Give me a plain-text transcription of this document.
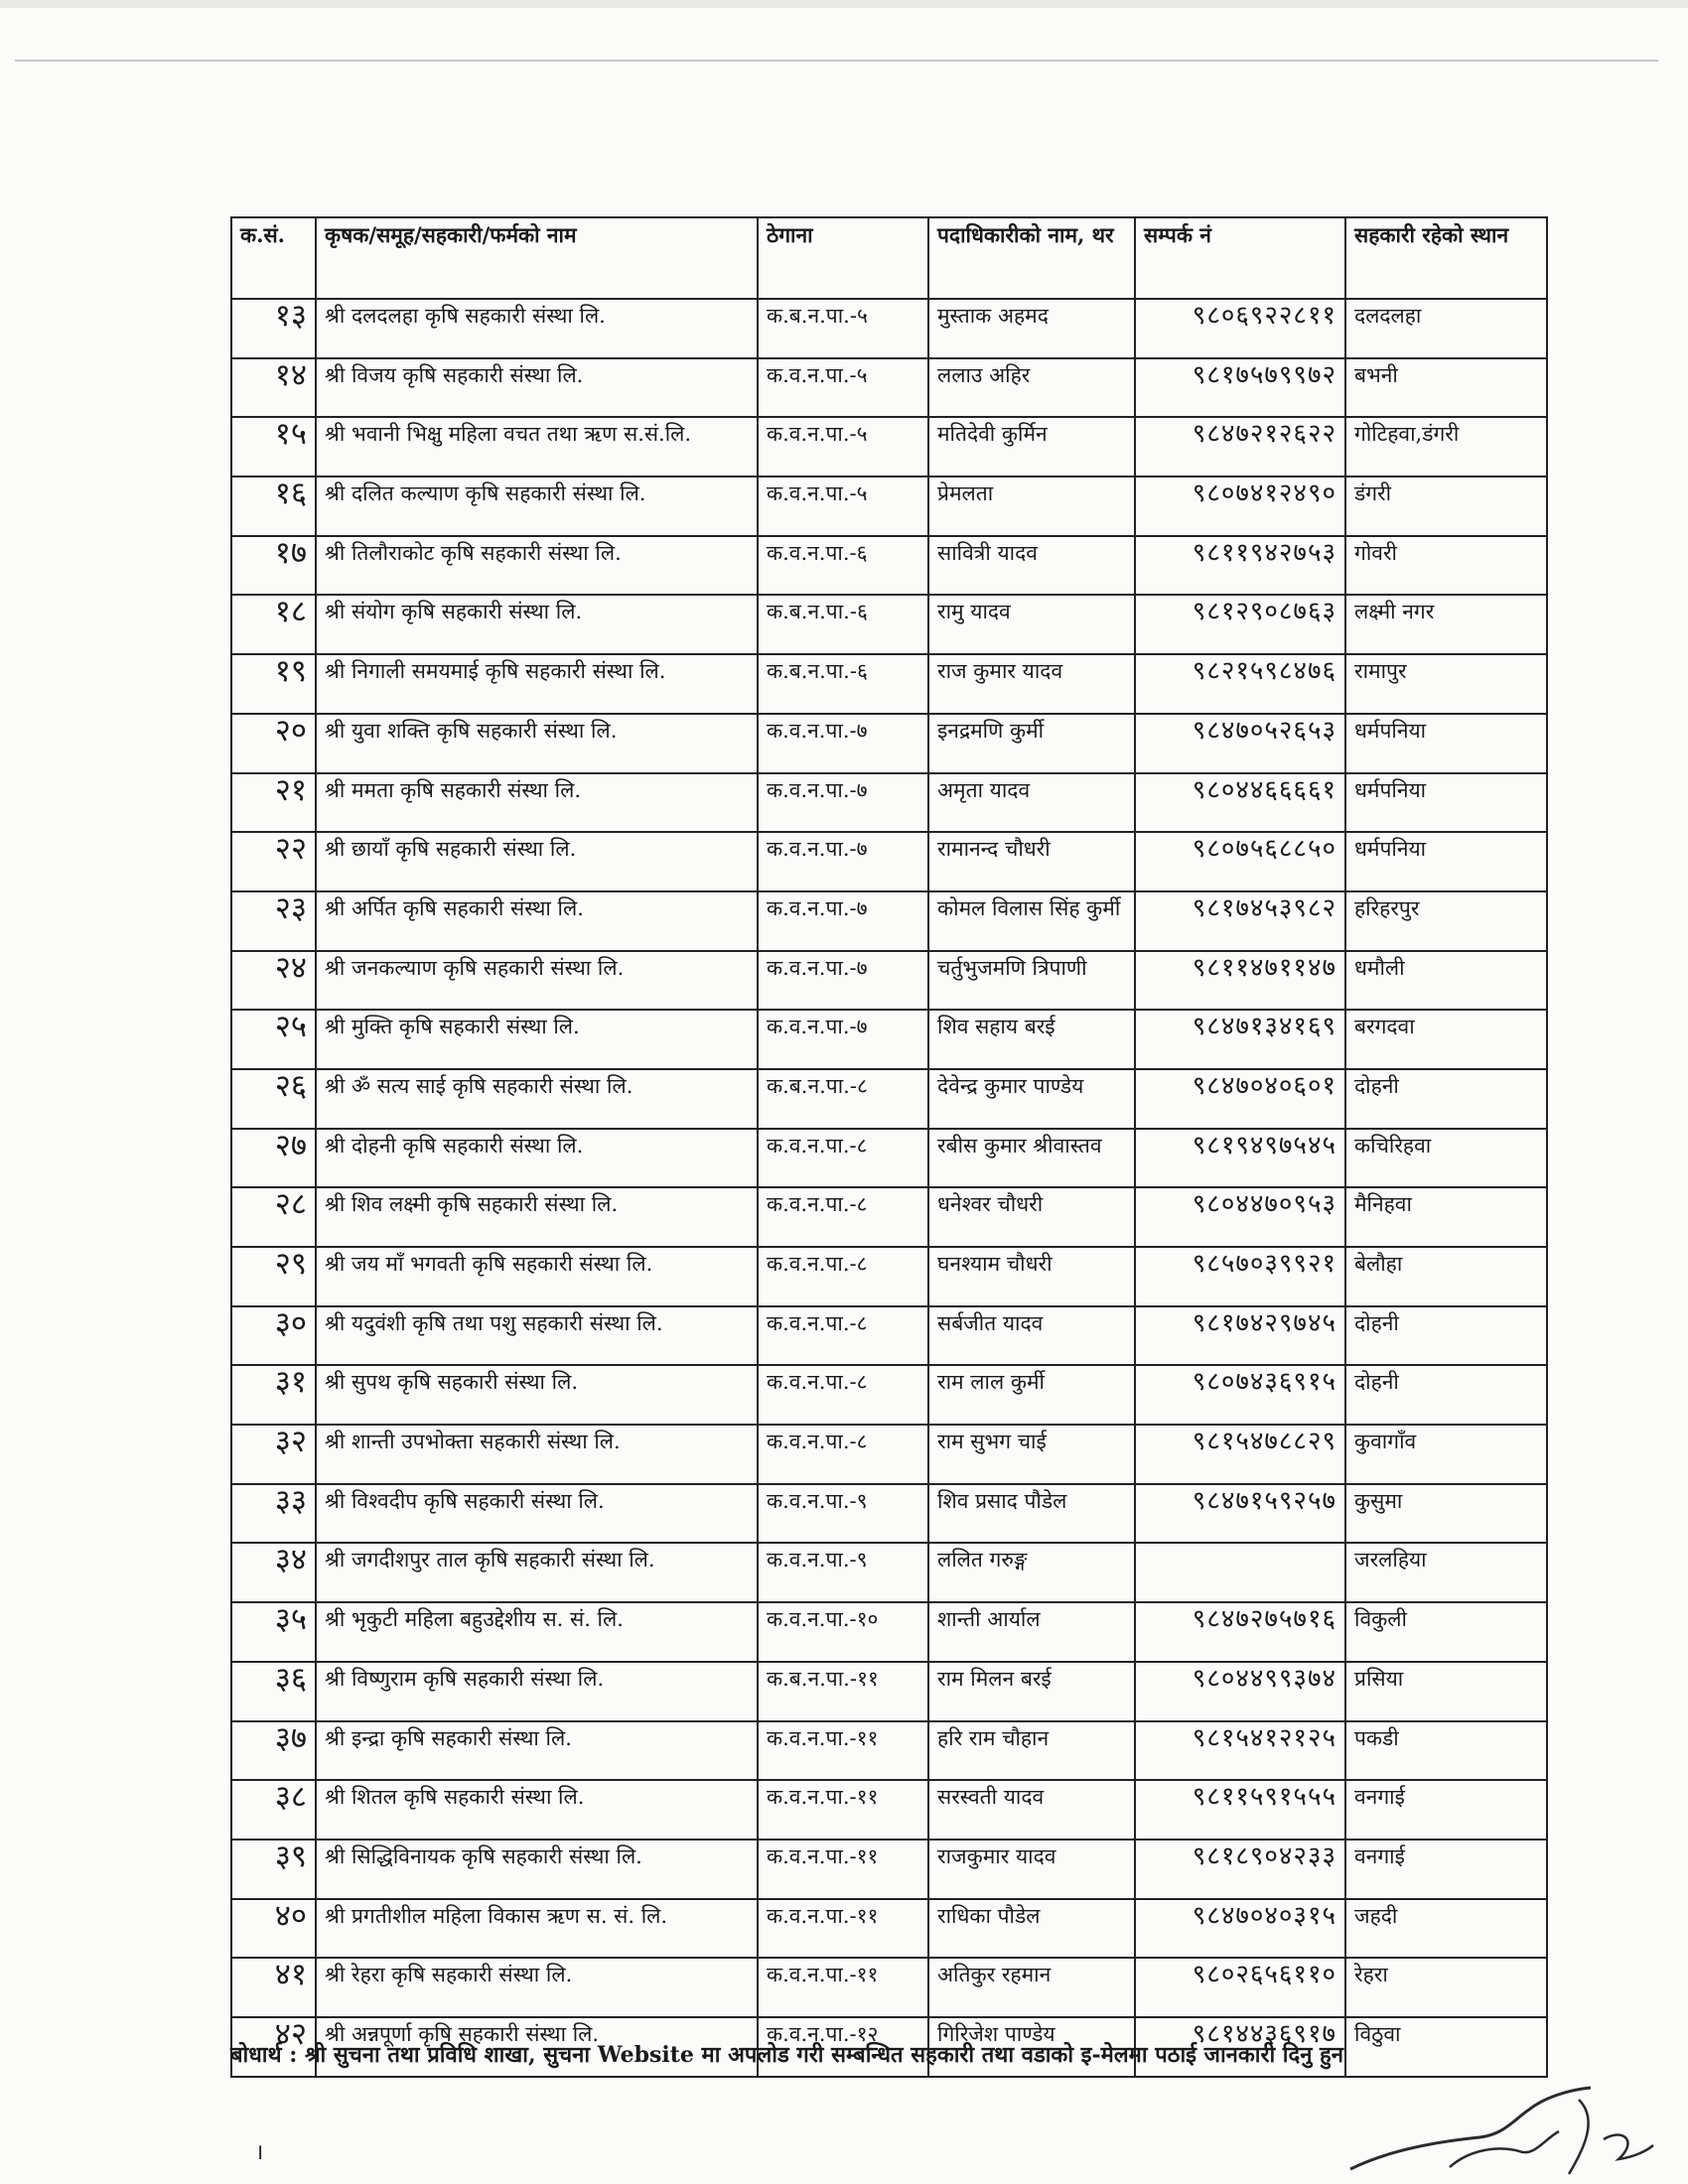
क.सं.	कृषक/समूह/सहकारी/फर्मको नाम	ठेगाना	पदाधिकारीको नाम, थर	सम्पर्क नं	सहकारी रहेको स्थान
१३	श्री दलदलहा कृषि सहकारी संस्था लि.	क.ब.न.पा.-५	मुस्ताक अहमद	९८०६९२२८११	दलदलहा
१४	श्री विजय कृषि सहकारी संस्था लि.	क.व.न.पा.-५	ललाउ अहिर	९८१७५७९९७२	बभनी
१५	श्री भवानी भिक्षु महिला वचत तथा ऋण स.सं.लि.	क.व.न.पा.-५	मतिदेवी कुर्मिन	९८४७२१२६२२	गोटिहवा,डंगरी
१६	श्री दलित कल्याण कृषि सहकारी संस्था लि.	क.व.न.पा.-५	प्रेमलता	९८०७४१२४९०	डंगरी
१७	श्री तिलौराकोट कृषि सहकारी संस्था लि.	क.व.न.पा.-६	सावित्री यादव	९८११९४२७५३	गोवरी
१८	श्री संयोग कृषि सहकारी संस्था लि.	क.ब.न.पा.-६	रामु यादव	९८१२९०८७६३	लक्ष्मी नगर
१९	श्री निगाली समयमाई कृषि सहकारी संस्था लि.	क.ब.न.पा.-६	राज कुमार यादव	९८२१५९८४७६	रामापुर
२०	श्री युवा शक्ति कृषि सहकारी संस्था लि.	क.व.न.पा.-७	इनद्रमणि कुर्मी	९८४७०५२६५३	धर्मपनिया
२१	श्री ममता कृषि सहकारी संस्था लि.	क.व.न.पा.-७	अमृता यादव	९८०४४६६६६१	धर्मपनिया
२२	श्री छायाँ कृषि सहकारी संस्था लि.	क.व.न.पा.-७	रामानन्द चौधरी	९८०७५६८८५०	धर्मपनिया
२३	श्री अर्पित कृषि सहकारी संस्था लि.	क.व.न.पा.-७	कोमल विलास सिंह कुर्मी	९८१७४५३९८२	हरिहरपुर
२४	श्री जनकल्याण कृषि सहकारी संस्था लि.	क.व.न.पा.-७	चर्तुभुजमणि त्रिपाणी	९८११४७११४७	धमौली
२५	श्री मुक्ति कृषि सहकारी संस्था लि.	क.व.न.पा.-७	शिव सहाय बरई	९८४७१३४१६९	बरगदवा
२६	श्री ॐ सत्य साई कृषि सहकारी संस्था लि.	क.ब.न.पा.-८	देवेन्द्र कुमार पाण्डेय	९८४७०४०६०१	दोहनी
२७	श्री दोहनी कृषि सहकारी संस्था लि.	क.व.न.पा.-८	रबीस कुमार श्रीवास्तव	९८१९४९७५४५	कचिरिहवा
२८	श्री शिव लक्ष्मी कृषि सहकारी संस्था लि.	क.व.न.पा.-८	धनेश्वर चौधरी	९८०४४७०९५३	मैनिहवा
२९	श्री जय माँ भगवती कृषि सहकारी संस्था लि.	क.व.न.पा.-८	घनश्याम चौधरी	९८५७०३९९२१	बेलौहा
३०	श्री यदुवंशी कृषि तथा पशु सहकारी संस्था लि.	क.व.न.पा.-८	सर्बजीत यादव	९८१७४२९७४५	दोहनी
३१	श्री सुपथ कृषि सहकारी संस्था लि.	क.व.न.पा.-८	राम लाल कुर्मी	९८०७४३६९१५	दोहनी
३२	श्री शान्ती उपभोक्ता सहकारी संस्था लि.	क.व.न.पा.-८	राम सुभग चाई	९८१५४७८८२९	कुवागाँव
३३	श्री विश्वदीप कृषि सहकारी संस्था लि.	क.व.न.पा.-९	शिव प्रसाद पौडेल	९८४७१५९२५७	कुसुमा
३४	श्री जगदीशपुर ताल कृषि सहकारी संस्था लि.	क.व.न.पा.-९	ललित गरुङ्ग		जरलहिया
३५	श्री भृकुटी महिला बहुउद्देशीय स. सं. लि.	क.व.न.पा.-१०	शान्ती आर्याल	९८४७२७५७१६	विकुली
३६	श्री विष्णुराम कृषि सहकारी संस्था लि.	क.ब.न.पा.-११	राम मिलन बरई	९८०४४९९३७४	प्रसिया
३७	श्री इन्द्रा कृषि सहकारी संस्था लि.	क.व.न.पा.-११	हरि राम चौहान	९८१५४१२१२५	पकडी
३८	श्री शितल कृषि सहकारी संस्था लि.	क.व.न.पा.-११	सरस्वती यादव	९८११५९१५५५	वनगाई
३९	श्री सिद्धिविनायक कृषि सहकारी संस्था लि.	क.व.न.पा.-११	राजकुमार यादव	९८१८९०४२३३	वनगाई
४०	श्री प्रगतीशील महिला विकास ऋण स. सं. लि.	क.व.न.पा.-११	राधिका पौडेल	९८४७०४०३१५	जहदी
४१	श्री रेहरा कृषि सहकारी संस्था लि.	क.व.न.पा.-११	अतिकुर रहमान	९८०२६५६११०	रेहरा
४२	श्री अन्नपूर्णा कृषि सहकारी संस्था लि.	क.व.न.पा.-१२	गिरिजेश पाण्डेय	९८१४४३६९१७	विठुवा
बोधार्थ : श्री सुचना तथा प्रविधि शाखा, सुचना Website मा अपलोड गरी सम्बन्धित सहकारी तथा वडाको इ-मेलमा पठाई जानकारी दिनु हुन
।
